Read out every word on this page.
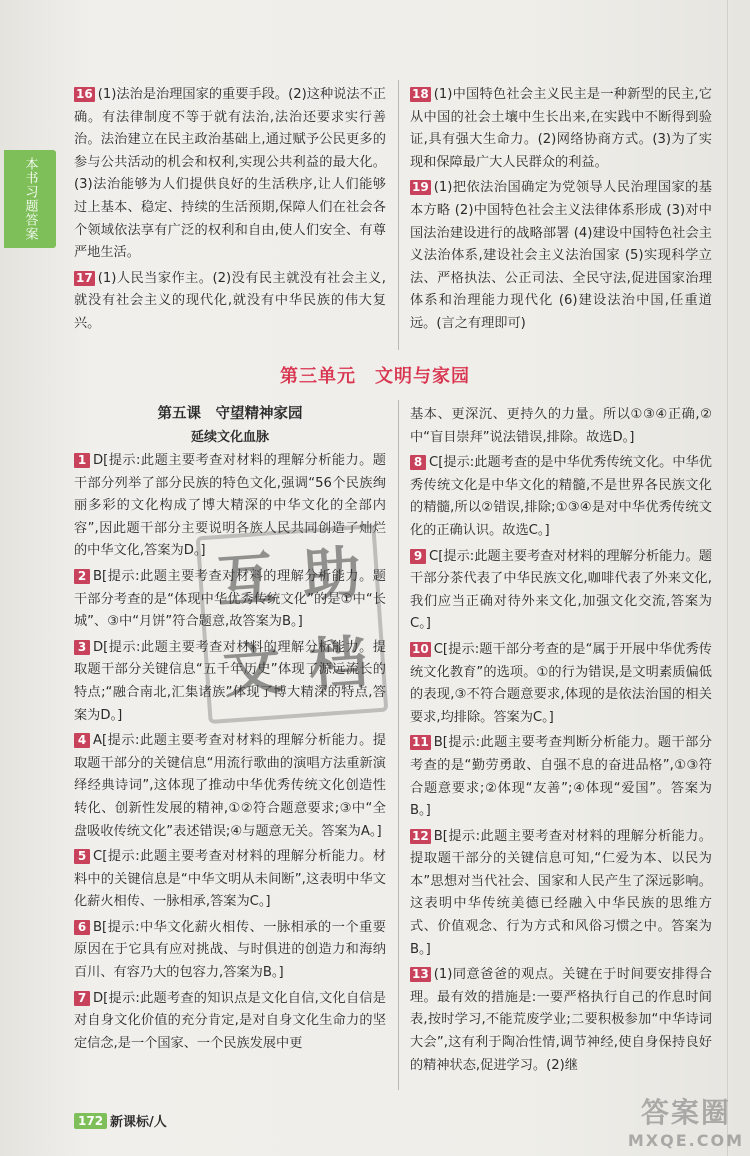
本书习题答案
16 (1)法治是治理国家的重要手段。(2)这种说法不正确。有法律制度不等于就有法治,法治还要求实行善治。法治建立在民主政治基础上,通过赋予公民更多的参与公共活动的机会和权利,实现公共利益的最大化。(3)法治能够为人们提供良好的生活秩序,让人们能够过上基本、稳定、持续的生活预期,保障人们在社会各个领域依法享有广泛的权利和自由,使人们安全、有尊严地生活。
17 (1)人民当家作主。(2)没有民主就没有社会主义,就没有社会主义的现代化,就没有中华民族的伟大复兴。
18 (1)中国特色社会主义民主是一种新型的民主,它从中国的社会土壤中生长出来,在实践中不断得到验证,具有强大生命力。(2)网络协商方式。(3)为了实现和保障最广大人民群众的利益。
19 (1)把依法治国确定为党领导人民治理国家的基本方略 (2)中国特色社会主义法律体系形成 (3)对中国法治建设进行的战略部署 (4)建设中国特色社会主义法治体系,建设社会主义法治国家 (5)实现科学立法、严格执法、公正司法、全民守法,促进国家治理体系和治理能力现代化 (6)建设法治中国,任重道远。(言之有理即可)
第三单元　文明与家园
第五课　守望精神家园
延续文化血脉
1 D[提示:此题主要考查对材料的理解分析能力。题干部分列举了部分民族的特色文化,强调“56个民族绚丽多彩的文化构成了博大精深的中华文化的全部内容”,因此题干部分主要说明各族人民共同创造了灿烂的中华文化,答案为D。]
2 B[提示:此题主要考查对材料的理解分析能力。题干部分考查的是“体现中华优秀传统文化”的是①中“长城”、③中“月饼”符合题意,故答案为B。]
3 D[提示:此题主要考查对材料的理解分析能力。提取题干部分关键信息“五千年历史”体现了源远流长的特点;“融合南北,汇集诸族”体现了博大精深的特点,答案为D。]
4 A[提示:此题主要考查对材料的理解分析能力。提取题干部分的关键信息“用流行歌曲的演唱方法重新演绎经典诗词”,这体现了推动中华优秀传统文化创造性转化、创新性发展的精神,①②符合题意要求;③中“全盘吸收传统文化”表述错误;④与题意无关。答案为A。]
5 C[提示:此题主要考查对材料的理解分析能力。材料中的关键信息是“中华文明从未间断”,这表明中华文化薪火相传、一脉相承,答案为C。]
6 B[提示:中华文化薪火相传、一脉相承的一个重要原因在于它具有应对挑战、与时俱进的创造力和海纳百川、有容乃大的包容力,答案为B。]
7 D[提示:此题考查的知识点是文化自信,文化自信是对自身文化价值的充分肯定,是对自身文化生命力的坚定信念,是一个国家、一个民族发展中更
基本、更深沉、更持久的力量。所以①③④正确,②中“盲目崇拜”说法错误,排除。故选D。]
8 C[提示:此题考查的是中华优秀传统文化。中华优秀传统文化是中华文化的精髓,不是世界各民族文化的精髓,所以②错误,排除;①③④是对中华优秀传统文化的正确认识。故选C。]
9 C[提示:此题主要考查对材料的理解分析能力。题干部分茶代表了中华民族文化,咖啡代表了外来文化,我们应当正确对待外来文化,加强文化交流,答案为C。]
10 C[提示:题干部分考查的是“属于开展中华优秀传统文化教育”的选项。①的行为错误,是文明素质偏低的表现,③不符合题意要求,体现的是依法治国的相关要求,均排除。答案为C。]
11 B[提示:此题主要考查判断分析能力。题干部分考查的是“勤劳勇敢、自强不息的奋进品格”,①③符合题意要求;②体现“友善”;④体现“爱国”。答案为B。]
12 B[提示:此题主要考查对材料的理解分析能力。提取题干部分的关键信息可知,“仁爱为本、以民为本”思想对当代社会、国家和人民产生了深远影响。这表明中华传统美德已经融入中华民族的思维方式、价值观念、行为方式和风俗习惯之中。答案为B。]
13 (1)同意爸爸的观点。关键在于时间要安排得合理。最有效的措施是:一要严格执行自己的作息时间表,按时学习,不能荒废学业;二要积极参加“中华诗词大会”,这有利于陶冶性情,调节神经,使自身保持良好的精神状态,促进学习。(2)继
互 助
文 档
172 新课标/人	答案圈
MXQE.COM
